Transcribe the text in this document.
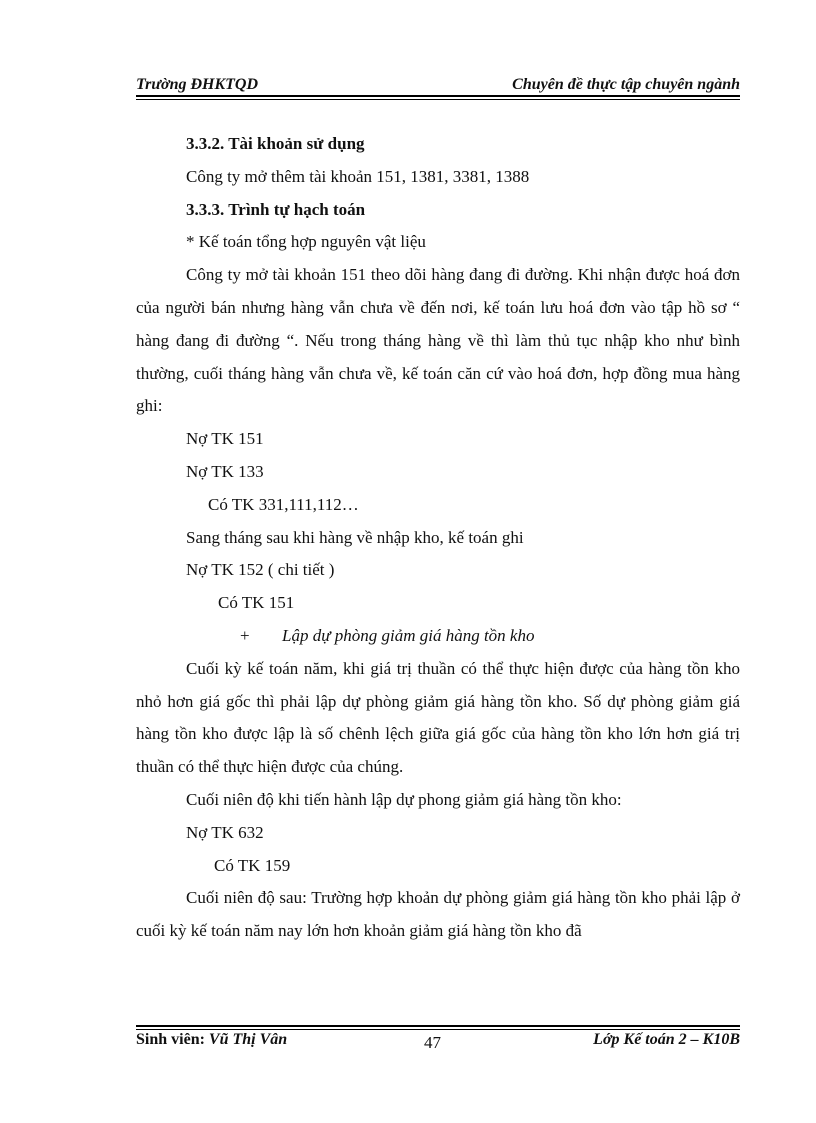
Trường ĐHKTQD	Chuyên đề thực tập chuyên ngành

3.3.2. Tài khoản sử dụng

Công ty mở thêm tài khoản 151, 1381, 3381, 1388

3.3.3. Trình tự hạch toán

* Kế toán tổng hợp nguyên vật liệu

Công ty mở tài khoản 151 theo dõi hàng đang đi đường. Khi nhận được hoá đơn của người bán nhưng hàng vẫn chưa về đến nơi, kế toán lưu hoá đơn vào tập hồ sơ “ hàng đang đi đường “. Nếu trong tháng hàng về thì làm thủ tục nhập kho như bình thường, cuối tháng hàng vẫn chưa về, kế toán căn cứ vào hoá đơn, hợp đồng mua hàng ghi:

Nợ TK 151

Nợ TK 133

Có TK 331,111,112…

Sang tháng sau khi hàng về nhập kho, kế toán ghi

Nợ TK 152 ( chi tiết )

Có TK 151

+ Lập dự phòng giảm giá hàng tồn kho

Cuối kỳ kế toán năm, khi giá trị thuần có thể thực hiện được của hàng tồn kho nhỏ hơn giá gốc thì phải lập dự phòng giảm giá hàng tồn kho. Số dự phòng giảm giá hàng tồn kho được lập là số chênh lệch giữa giá gốc của hàng tồn kho lớn hơn giá trị thuần có thể thực hiện được của chúng.

Cuối niên độ khi tiến hành lập dự phong giảm giá hàng tồn kho:

Nợ TK 632

Có TK 159

Cuối niên độ sau: Trường hợp khoản dự phòng giảm giá hàng tồn kho phải lập ở cuối kỳ kế toán năm nay lớn hơn khoản giảm giá hàng tồn kho đã

Sinh viên: Vũ Thị Vân	47	Lớp Kế toán 2 – K10B
